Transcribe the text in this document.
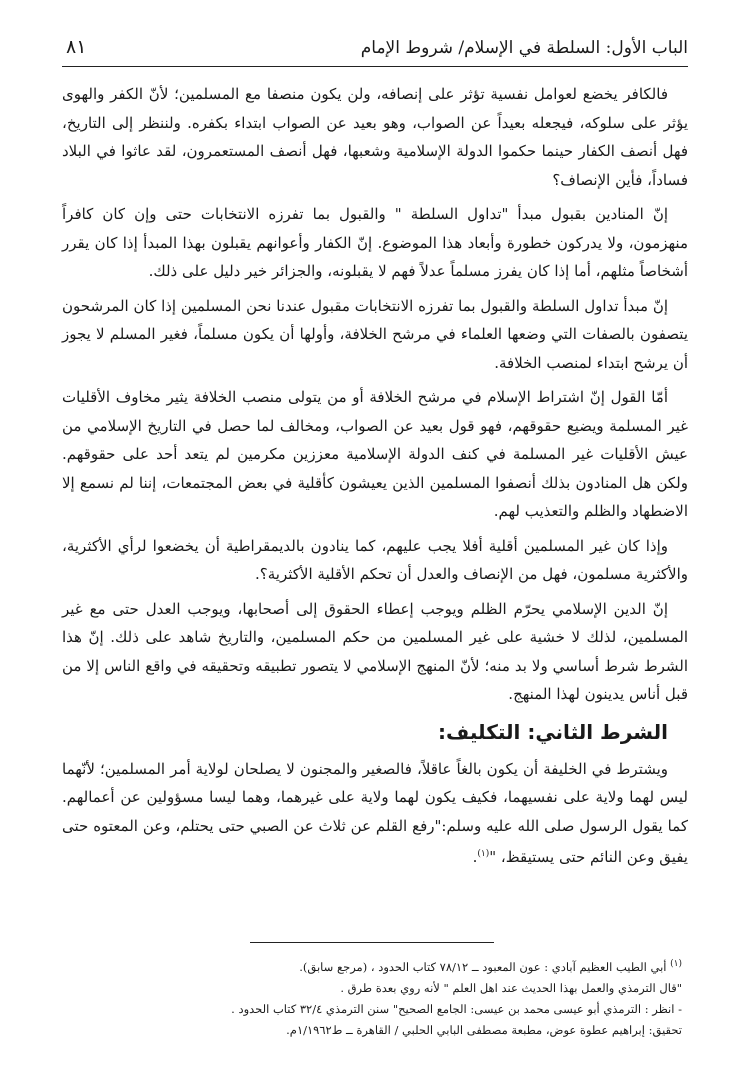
الباب الأول: السلطة في الإسلام/ شروط الإمام
٨١

فالكافر يخضع لعوامل نفسية تؤثر على إنصافه، ولن يكون منصفا مع المسلمين؛ لأنّ الكفر والهوى يؤثر على سلوكه، فيجعله بعيداً عن الصواب، وهو بعيد عن الصواب ابتداء بكفره. ولننظر إلى التاريخ، فهل أنصف الكفار حينما حكموا الدولة الإسلامية وشعبها، فهل أنصف المستعمرون، لقد عاثوا في البلاد فساداً، فأين الإنصاف؟

إنّ المنادين بقبول مبدأ "تداول السلطة " والقبول بما تفرزه الانتخابات حتى وإن كان كافراً منهزمون، ولا يدركون خطورة وأبعاد هذا الموضوع. إنّ الكفار وأعوانهم يقبلون بهذا المبدأ إذا كان يقرر أشخاصاً مثلهم، أما إذا كان يفرز مسلماً عدلاً فهم لا يقبلونه، والجزائر خير دليل على ذلك.

إنّ مبدأ تداول السلطة والقبول بما تفرزه الانتخابات مقبول عندنا نحن المسلمين إذا كان المرشحون يتصفون بالصفات التي وضعها العلماء في مرشح الخلافة، وأولها أن يكون مسلماً، فغير المسلم لا يجوز أن يرشح ابتداء لمنصب الخلافة.

أمّا القول إنّ اشتراط الإسلام في مرشح الخلافة أو من يتولى منصب الخلافة يثير مخاوف الأقليات غير المسلمة ويضيع حقوقهم، فهو قول بعيد عن الصواب، ومخالف لما حصل في التاريخ الإسلامي من عيش الأقليات غير المسلمة في كنف الدولة الإسلامية معززين مكرمين لم يتعد أحد على حقوقهم. ولكن هل المنادون بذلك أنصفوا المسلمين الذين يعيشون كأقلية في بعض المجتمعات، إننا لم نسمع إلا الاضطهاد والظلم والتعذيب لهم.

وإذا كان غير المسلمين أقلية أفلا يجب عليهم، كما ينادون بالديمقراطية أن يخضعوا لرأي الأكثرية، والأكثرية مسلمون، فهل من الإنصاف والعدل أن تحكم الأقلية الأكثرية؟.

إنّ الدين الإسلامي يحرّم الظلم ويوجب إعطاء الحقوق إلى أصحابها، ويوجب العدل حتى مع غير المسلمين، لذلك لا خشية على غير المسلمين من حكم المسلمين، والتاريخ شاهد على ذلك. إنّ هذا الشرط شرط أساسي ولا بد منه؛ لأنّ المنهج الإسلامي لا يتصور تطبيقه وتحقيقه في واقع الناس إلا من قبل أناس يدينون لهذا المنهج.

الشرط الثاني: التكليف:

ويشترط في الخليفة أن يكون بالغاً عاقلاً، فالصغير والمجنون لا يصلحان لولاية أمر المسلمين؛ لأنّهما ليس لهما ولاية على نفسيهما، فكيف يكون لهما ولاية على غيرهما، وهما ليسا مسؤولين عن أعمالهم. كما يقول الرسول صلى الله عليه وسلم:"رفع القلم عن ثلاث عن الصبي حتى يحتلم، وعن المعتوه حتى يفيق وعن النائم حتى يستيقظ، "$^{(١)}$.

$^{(١)}$ أبي الطيب العظيم آبادي : عون المعبود ــ ٧٨/١٢ كتاب الحدود ، (مرجع سابق).
"قال الترمذي والعمل بهذا الحديث عند اهل العلم " لأنه روي بعدة طرق .
- انظر : الترمذي أبو عيسى محمد بن عيسى: الجامع الصحيح" سنن الترمذي ٣٢/٤ كتاب الحدود .
تحقيق: إبراهيم عطوة عوض، مطبعة مصطفى البابي الحلبي / القاهرة ــ ط١/١٩٦٢م.
